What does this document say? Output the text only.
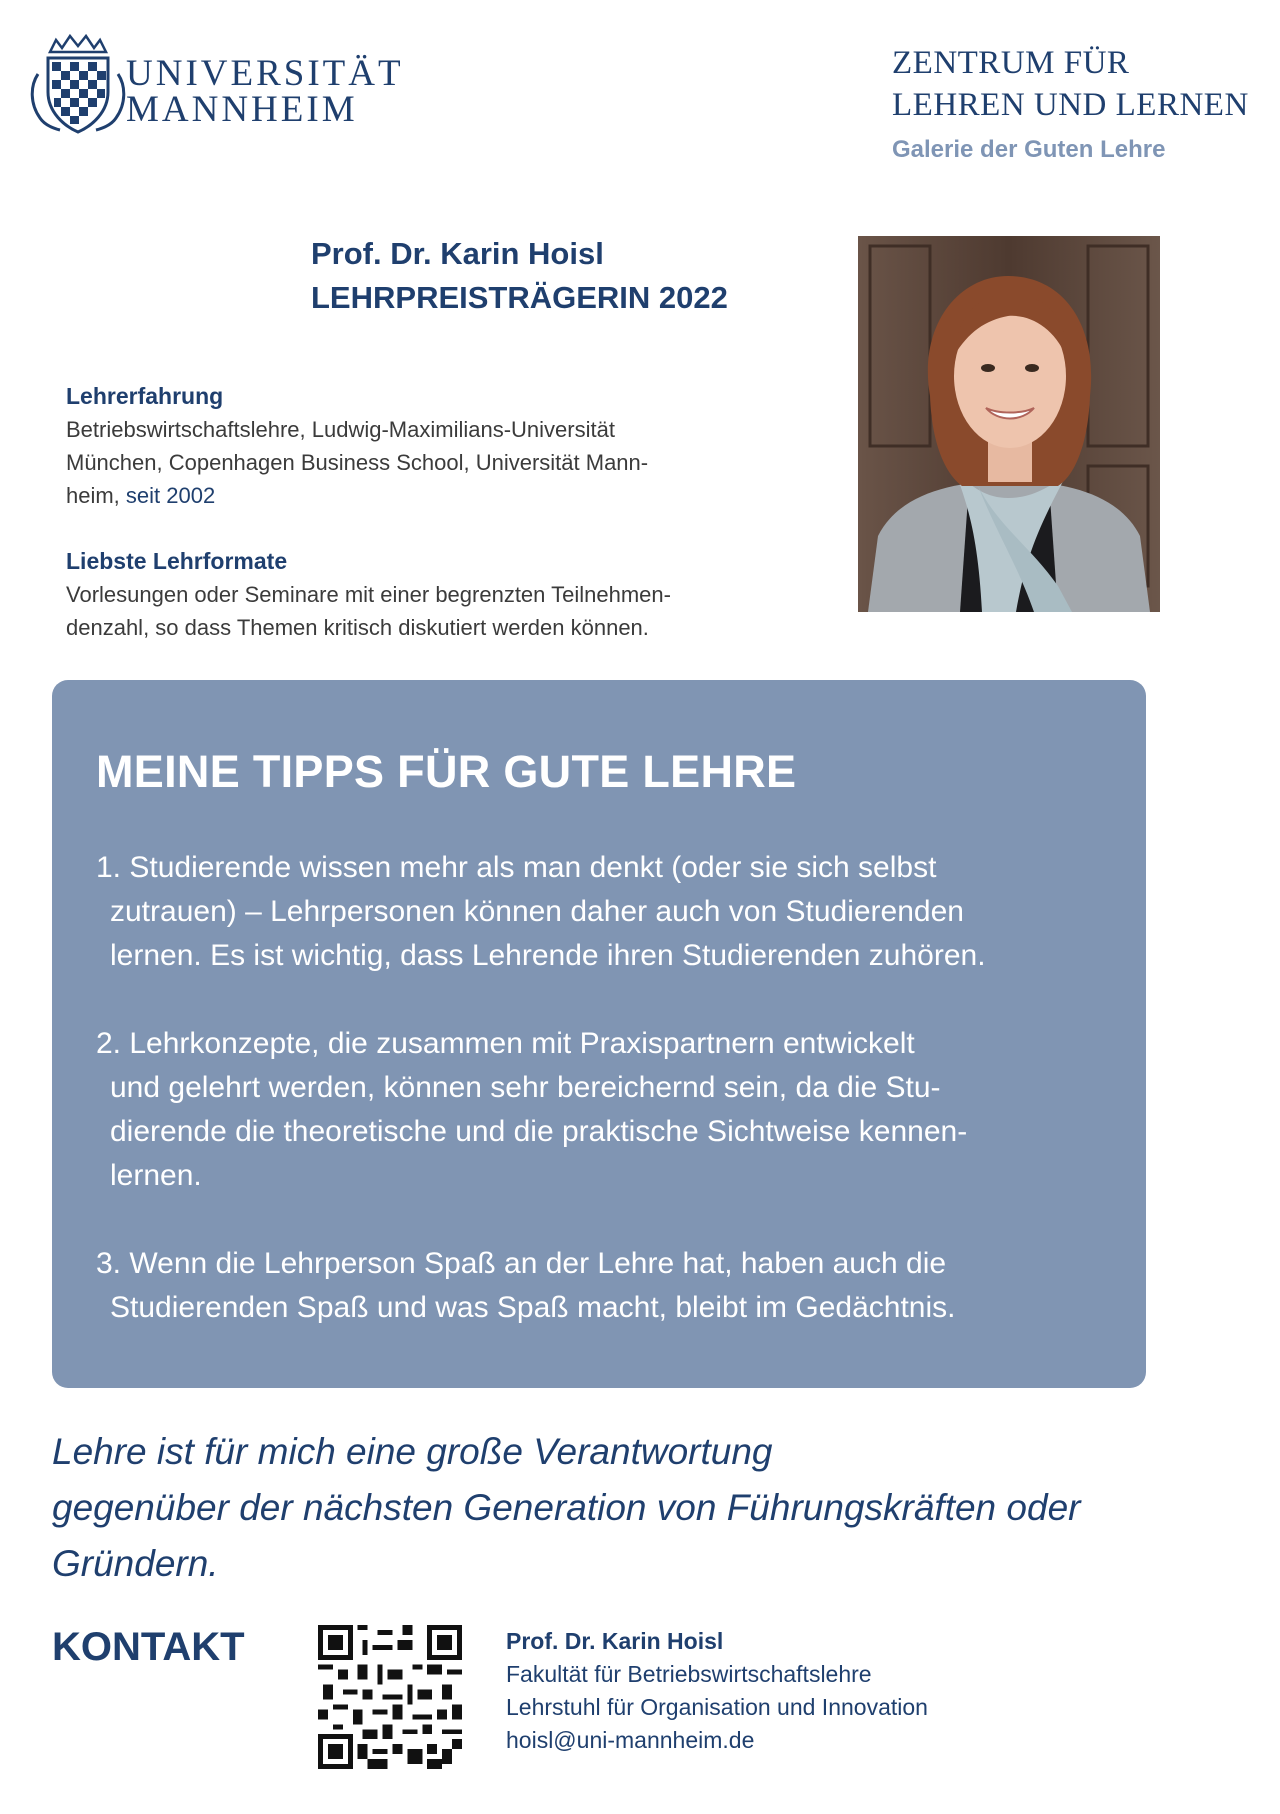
UNIVERSITÄT
MANNHEIM
ZENTRUM FÜR
LEHREN UND LERNEN
Galerie der Guten Lehre
Prof. Dr. Karin Hoisl
LEHRPREISTRÄGERIN 2022
Lehrerfahrung
Betriebswirtschaftslehre, Ludwig-Maximilians-Universität
München, Copenhagen Business School, Universität Mann-
heim, seit 2002
Liebste Lehrformate
Vorlesungen oder Seminare mit einer begrenzten Teilnehmen-
denzahl, so dass Themen kritisch diskutiert werden können.
MEINE TIPPS FÜR GUTE LEHRE
1. Studierende wissen mehr als man denkt (oder sie sich selbst
zutrauen) – Lehrpersonen können daher auch von Studierenden
lernen. Es ist wichtig, dass Lehrende ihren Studierenden zuhören.
2. Lehrkonzepte, die zusammen mit Praxispartnern entwickelt
und gelehrt werden, können sehr bereichernd sein, da die Stu-
dierende die theoretische und die praktische Sichtweise kennen-
lernen.
3. Wenn die Lehrperson Spaß an der Lehre hat, haben auch die
Studierenden Spaß und was Spaß macht, bleibt im Gedächtnis.
Lehre ist für mich eine große Verantwortung
gegenüber der nächsten Generation von Führungskräften oder
Gründern.
KONTAKT	Prof. Dr. Karin Hoisl
Fakultät für Betriebswirtschaftslehre
Lehrstuhl für Organisation und Innovation
hoisl@uni-mannheim.de
